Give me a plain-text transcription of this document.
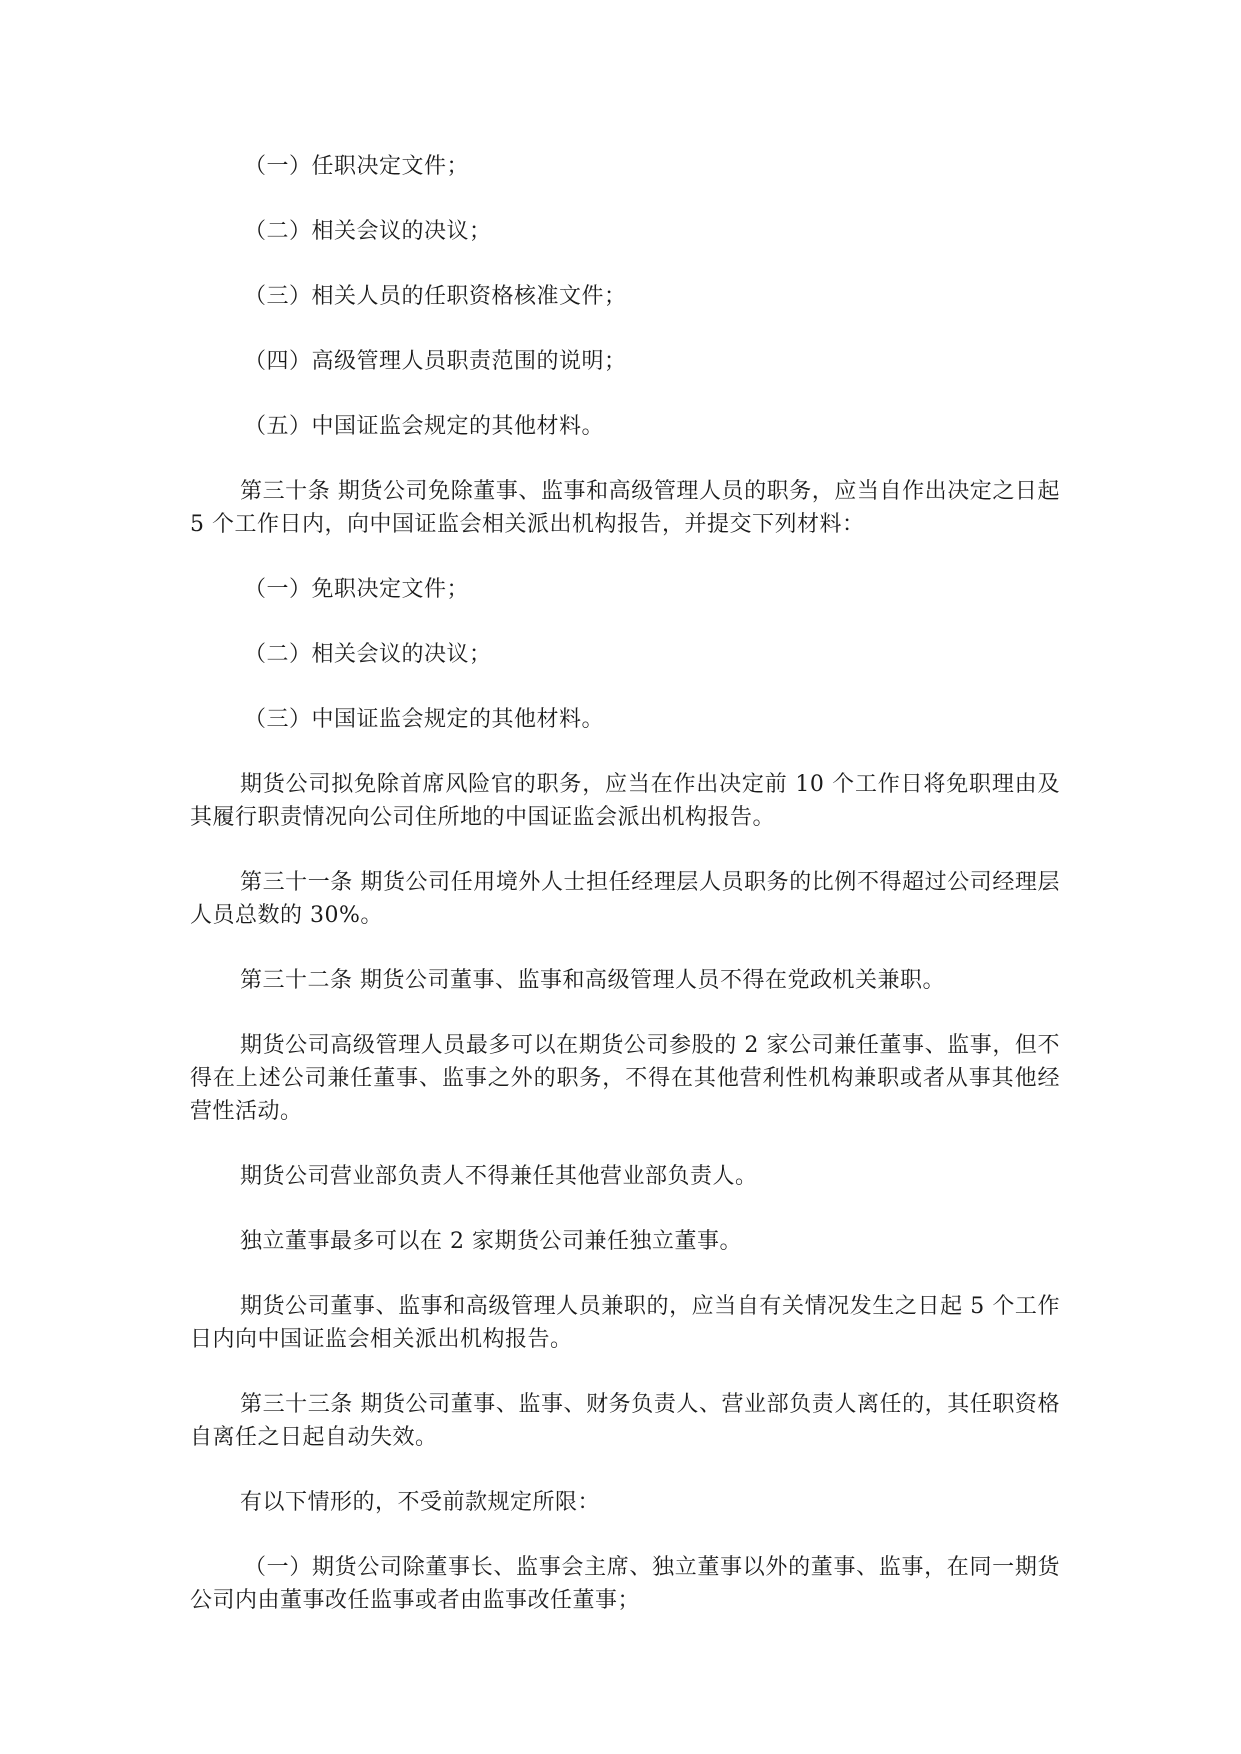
（一）任职决定文件；

（二）相关会议的决议；

（三）相关人员的任职资格核准文件；

（四）高级管理人员职责范围的说明；

（五）中国证监会规定的其他材料。

第三十条 期货公司免除董事、监事和高级管理人员的职务，应当自作出决定之日起 5 个工作日内，向中国证监会相关派出机构报告，并提交下列材料：

（一）免职决定文件；

（二）相关会议的决议；

（三）中国证监会规定的其他材料。

期货公司拟免除首席风险官的职务，应当在作出决定前 10 个工作日将免职理由及其履行职责情况向公司住所地的中国证监会派出机构报告。

第三十一条 期货公司任用境外人士担任经理层人员职务的比例不得超过公司经理层人员总数的 30%。

第三十二条 期货公司董事、监事和高级管理人员不得在党政机关兼职。

期货公司高级管理人员最多可以在期货公司参股的 2 家公司兼任董事、监事，但不得在上述公司兼任董事、监事之外的职务，不得在其他营利性机构兼职或者从事其他经营性活动。

期货公司营业部负责人不得兼任其他营业部负责人。

独立董事最多可以在 2 家期货公司兼任独立董事。

期货公司董事、监事和高级管理人员兼职的，应当自有关情况发生之日起 5 个工作日内向中国证监会相关派出机构报告。

第三十三条 期货公司董事、监事、财务负责人、营业部负责人离任的，其任职资格自离任之日起自动失效。

有以下情形的，不受前款规定所限：

（一）期货公司除董事长、监事会主席、独立董事以外的董事、监事，在同一期货公司内由董事改任监事或者由监事改任董事；
